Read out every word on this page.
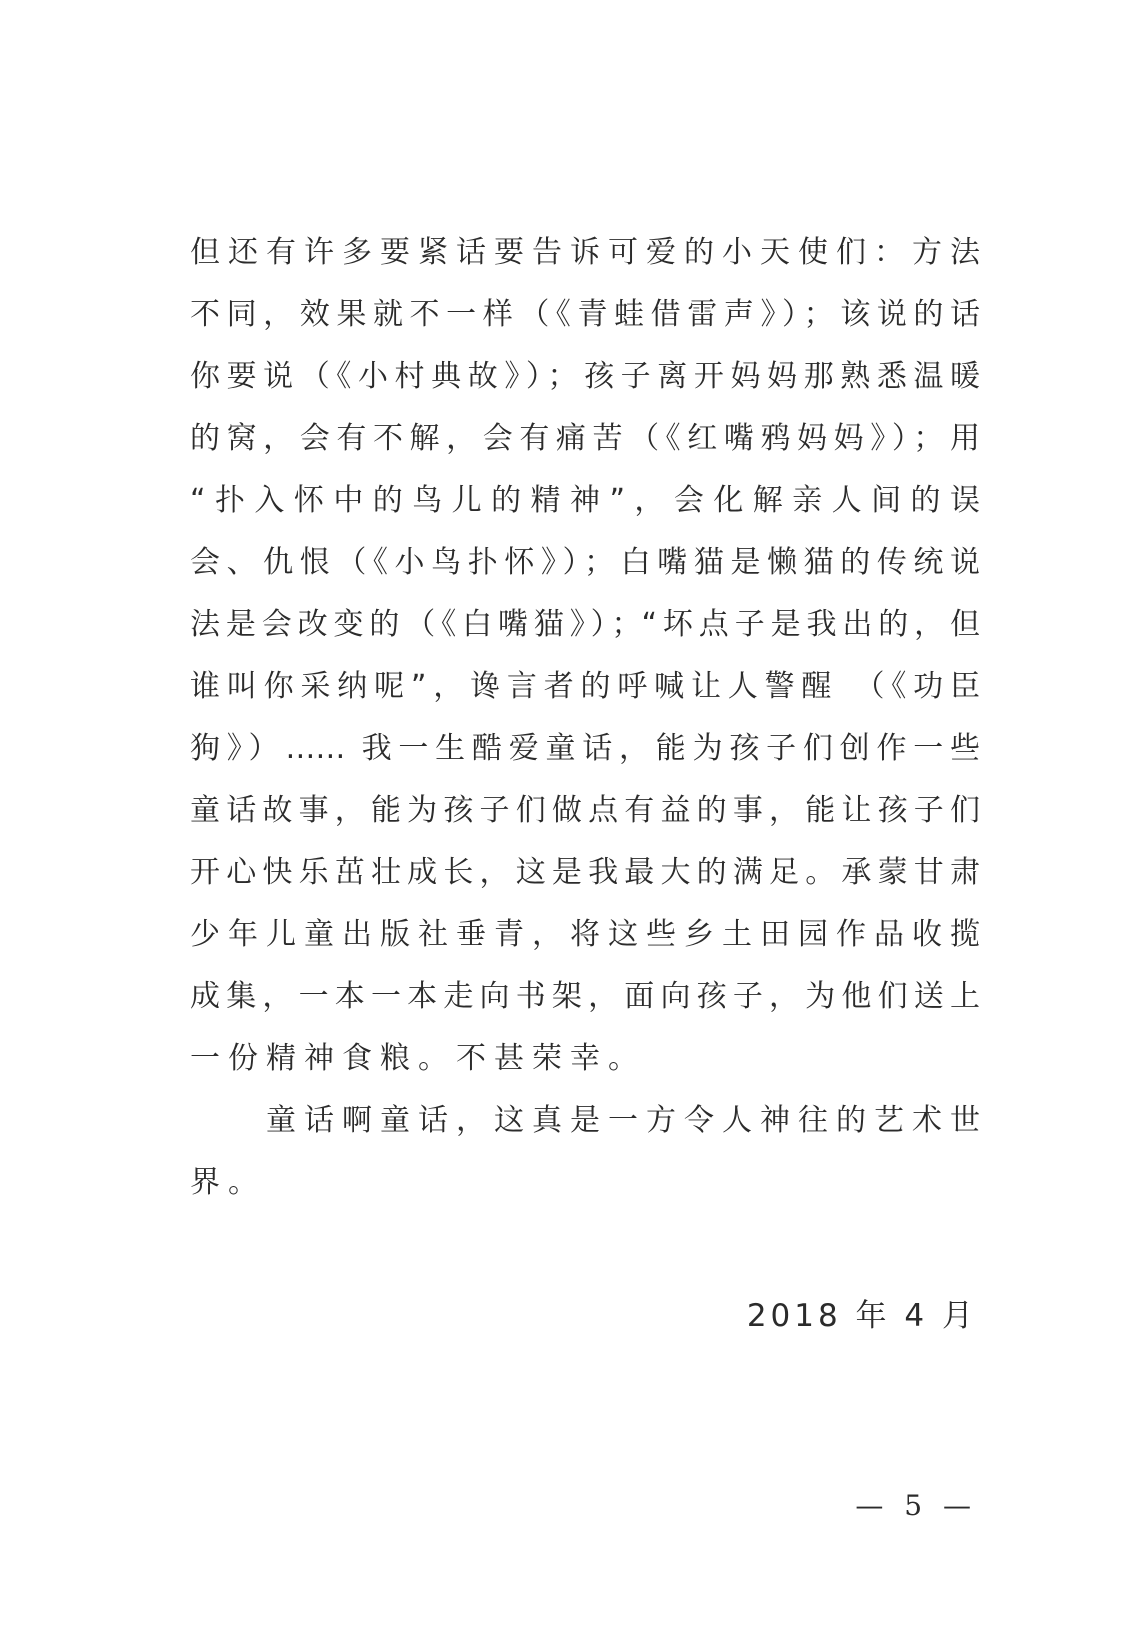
但还有许多要紧话要告诉可爱的小天使们：方法
不同，效果就不一样（《青蛙借雷声》）；该说的话
你要说（《小村典故》）；孩子离开妈妈那熟悉温暖
的窝，会有不解，会有痛苦（《红嘴鸦妈妈》）；用
“扑入怀中的鸟儿的精神”，会化解亲人间的误
会、仇恨（《小鸟扑怀》）；白嘴猫是懒猫的传统说
法是会改变的（《白嘴猫》）；“坏点子是我出的，但
谁叫你采纳呢”，谗言者的呼喊让人警醒 （《功臣
狗》）…… 我一生酷爱童话，能为孩子们创作一些
童话故事，能为孩子们做点有益的事，能让孩子们
开心快乐茁壮成长，这是我最大的满足。承蒙甘肃
少年儿童出版社垂青，将这些乡土田园作品收揽
成集，一本一本走向书架，面向孩子，为他们送上
一份精神食粮。不甚荣幸。
　　童话啊童话，这真是一方令人神往的艺术世
界。
2018 年 4 月
— 5 —
